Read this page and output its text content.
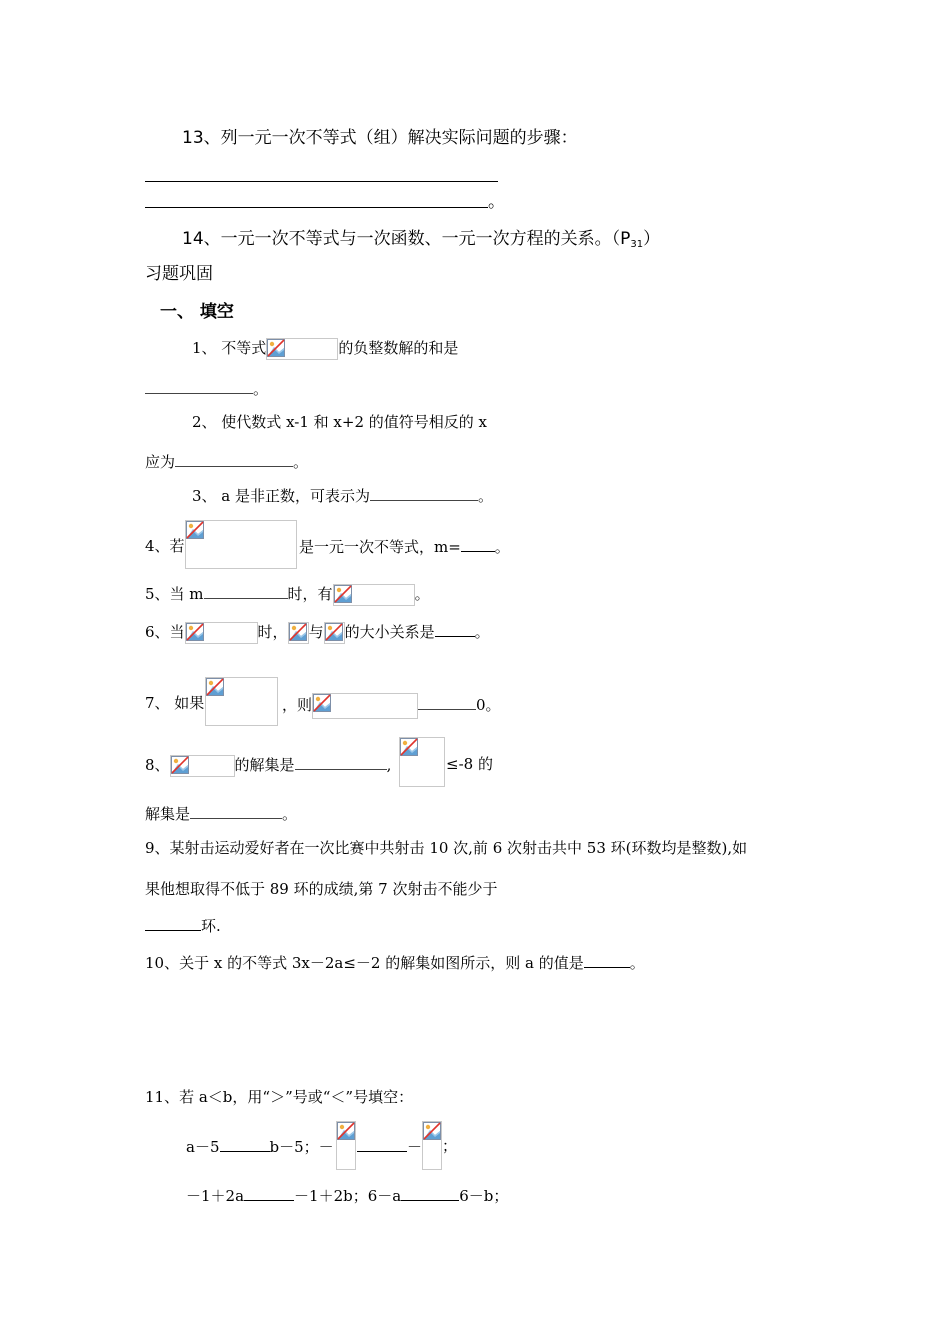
13、列一元一次不等式（组）解决实际问题的步骤：
。
14、一元一次不等式与一次函数、一元一次方程的关系。$(P_{31})$
习题巩固
一、 填空
1、 不等式	的负整数解的和是
。
2、 使代数式 x-1 和 x+2 的值符号相反的 x
应为	。
3、 a 是非正数，可表示为	。
4、若	是一元一次不等式，m= 。
5、当 m	时，有	。
6、当	时， 与 的大小关系是	。
7、 如果	，则	0。
8、	的解集是	,	≤-8 的
解集是	。
9、某射击运动爱好者在一次比赛中共射击 10 次,前 6 次射击共中 53 环(环数均是整数),如
果他想取得不低于 89 环的成绩,第 7 次射击不能少于
环.
10、关于 x 的不等式 3x－2a≤－2 的解集如图所示，则 a 的值是	。
11、若 a＜b，用“＞”号或“＜”号填空：
a－5	b－5；－	－ ；
－1＋2a	－1＋2b；6－a	6－b；
